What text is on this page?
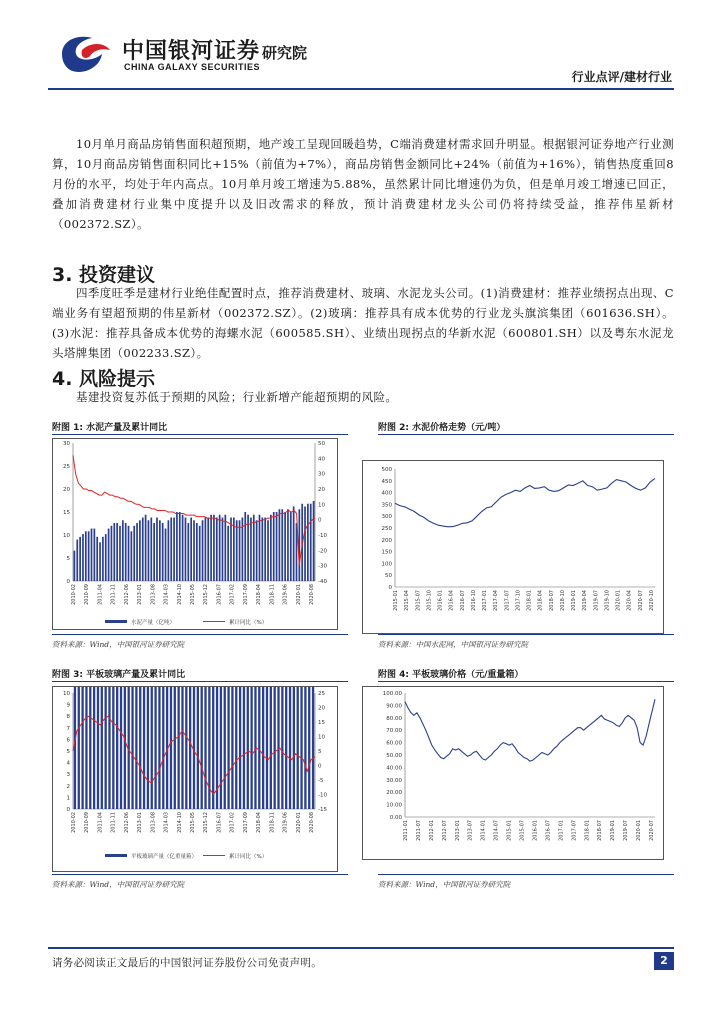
中国银河证券
CHINA GALAXY SECURITIES
研究院
行业点评/建材行业
10月单月商品房销售面积超预期，地产竣工呈现回暖趋势，C端消费建材需求回升明显。根据银河证券地产行业测算，10月商品房销售面积同比+15%（前值为+7%），商品房销售金额同比+24%（前值为+16%），销售热度重回8月份的水平，均处于年内高点。10月单月竣工增速为5.88%，虽然累计同比增速仍为负，但是单月竣工增速已回正，叠加消费建材行业集中度提升以及旧改需求的释放，预计消费建材龙头公司仍将持续受益，推荐伟星新材（002372.SZ）。
3. 投资建议
四季度旺季是建材行业绝佳配置时点，推荐消费建材、玻璃、水泥龙头公司。(1)消费建材：推荐业绩拐点出现、C端业务有望超预期的伟星新材（002372.SZ）。(2)玻璃：推荐具有成本优势的行业龙头旗滨集团（601636.SH）。(3)水泥：推荐具备成本优势的海螺水泥（600585.SH）、业绩出现拐点的华新水泥（600801.SH）以及粤东水泥龙头塔牌集团（002233.SZ）。
4. 风险提示
基建投资复苏低于预期的风险；行业新增产能超预期的风险。
附图 1: 水泥产量及累计同比
30
25
20
15
10
5
0
50
40
30
20
10
0
-10
-20
-30
-40
2010-02 2010-09 2011-04 2011-11 2012-06 2013-01 2013-08 2014-03 2014-10 2015-05 2015-12 2016-07 2017-02 2017-09 2018-04 2018-11 2019-06 2020-01 2020-08
水泥产量（亿吨）	累计同比（%）
资料来源：Wind，中国银河证券研究院
附图 2: 水泥价格走势（元/吨）
500
450
400
350
300
250
200
150
100
50
0
2015-01 2015-04 2015-07 2015-10 2016-01 2016-04 2016-07 2016-10 2017-01 2017-04 2017-07 2017-10 2018-01 2018-04 2018-07 2018-10 2019-01 2019-04 2019-07 2019-10 2020-01 2020-04 2020-07 2020-10
资料来源：中国水泥网，中国银河证券研究院
附图 3: 平板玻璃产量及累计同比
10
9
8
7
6
5
4
3
2
1
0
25
20
15
10
5
0
-5
-10
-15
2010-02 2010-09 2011-04 2011-11 2012-06 2013-01 2013-08 2014-03 2014-10 2015-05 2015-12 2016-07 2017-02 2017-09 2018-04 2018-11 2019-06 2020-01 2020-08
平板玻璃产量（亿重量箱）	累计同比（%）
资料来源：Wind，中国银河证券研究院
附图 4: 平板玻璃价格（元/重量箱）
100.00
90.00
80.00
70.00
60.00
50.00
40.00
30.00
20.00
10.00
0.00
2011-01 2011-07 2012-01 2012-07 2013-01 2013-07 2014-01 2014-07 2015-01 2015-07 2016-01 2016-07 2017-01 2017-07 2018-01 2018-07 2019-01 2019-07 2020-01 2020-07
资料来源：Wind，中国银河证券研究院
请务必阅读正文最后的中国银河证券股份公司免责声明。	2
